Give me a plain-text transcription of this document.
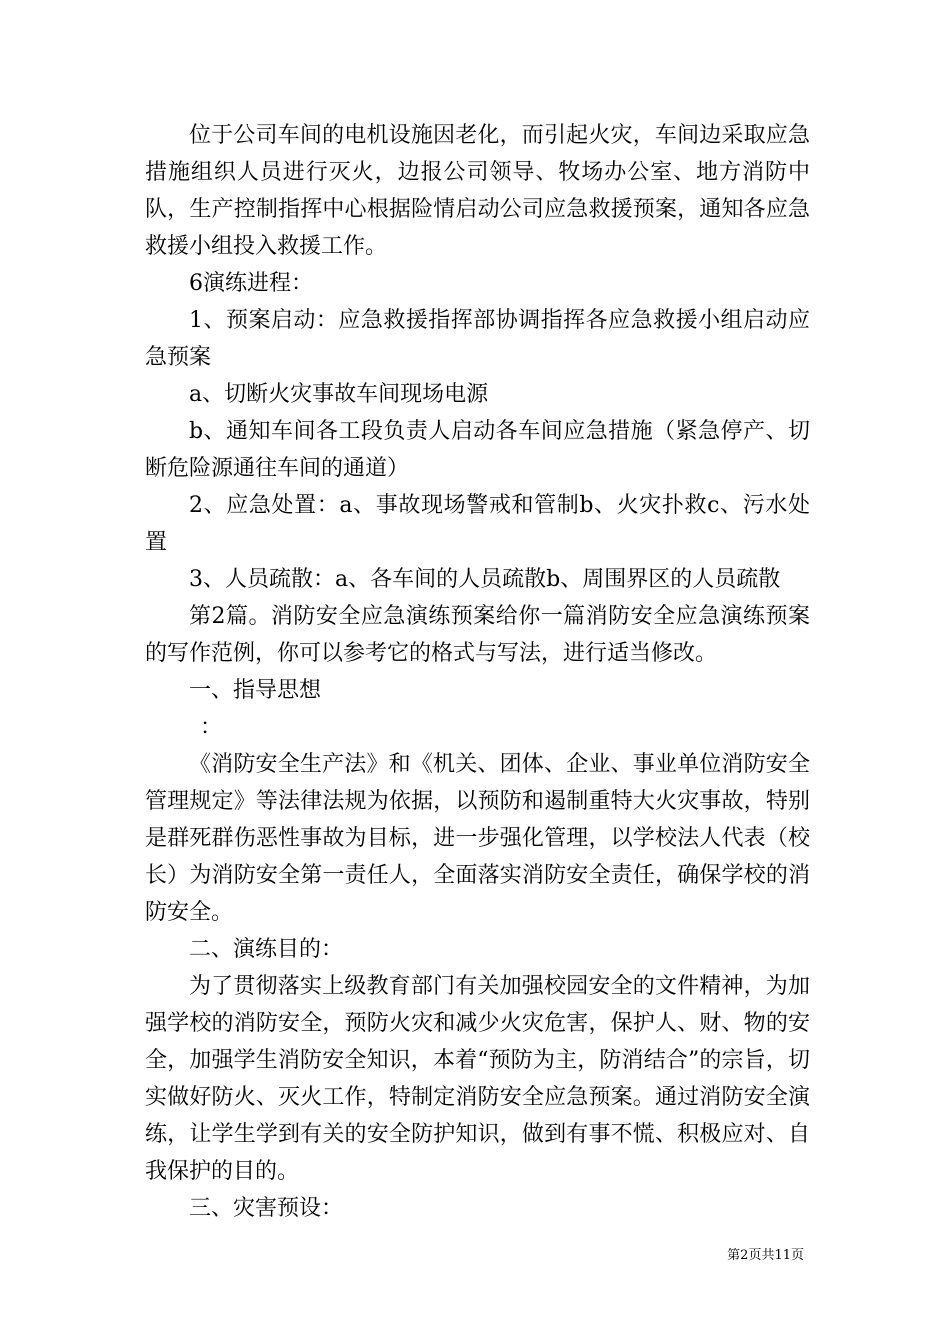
位于公司车间的电机设施因老化，而引起火灾，车间边采取应急措施组织人员进行灭火，边报公司领导、牧场办公室、地方消防中队，生产控制指挥中心根据险情启动公司应急救援预案，通知各应急救援小组投入救援工作。

6演练进程：

1、预案启动：应急救援指挥部协调指挥各应急救援小组启动应急预案

a、切断火灾事故车间现场电源

b、通知车间各工段负责人启动各车间应急措施（紧急停产、切断危险源通往车间的通道）

2、应急处置：a、事故现场警戒和管制b、火灾扑救c、污水处置

3、人员疏散：a、各车间的人员疏散b、周围界区的人员疏散

第2篇。消防安全应急演练预案给你一篇消防安全应急演练预案的写作范例，你可以参考它的格式与写法，进行适当修改。

一、指导思想

：

《消防安全生产法》和《机关、团体、企业、事业单位消防安全管理规定》等法律法规为依据，以预防和遏制重特大火灾事故，特别是群死群伤恶性事故为目标，进一步强化管理，以学校法人代表（校长）为消防安全第一责任人，全面落实消防安全责任，确保学校的消防安全。

二、演练目的：

为了贯彻落实上级教育部门有关加强校园安全的文件精神，为加强学校的消防安全，预防火灾和减少火灾危害，保护人、财、物的安全，加强学生消防安全知识，本着“预防为主，防消结合”的宗旨，切实做好防火、灭火工作，特制定消防安全应急预案。通过消防安全演练，让学生学到有关的安全防护知识，做到有事不慌、积极应对、自我保护的目的。

三、灾害预设：

第2页共11页
